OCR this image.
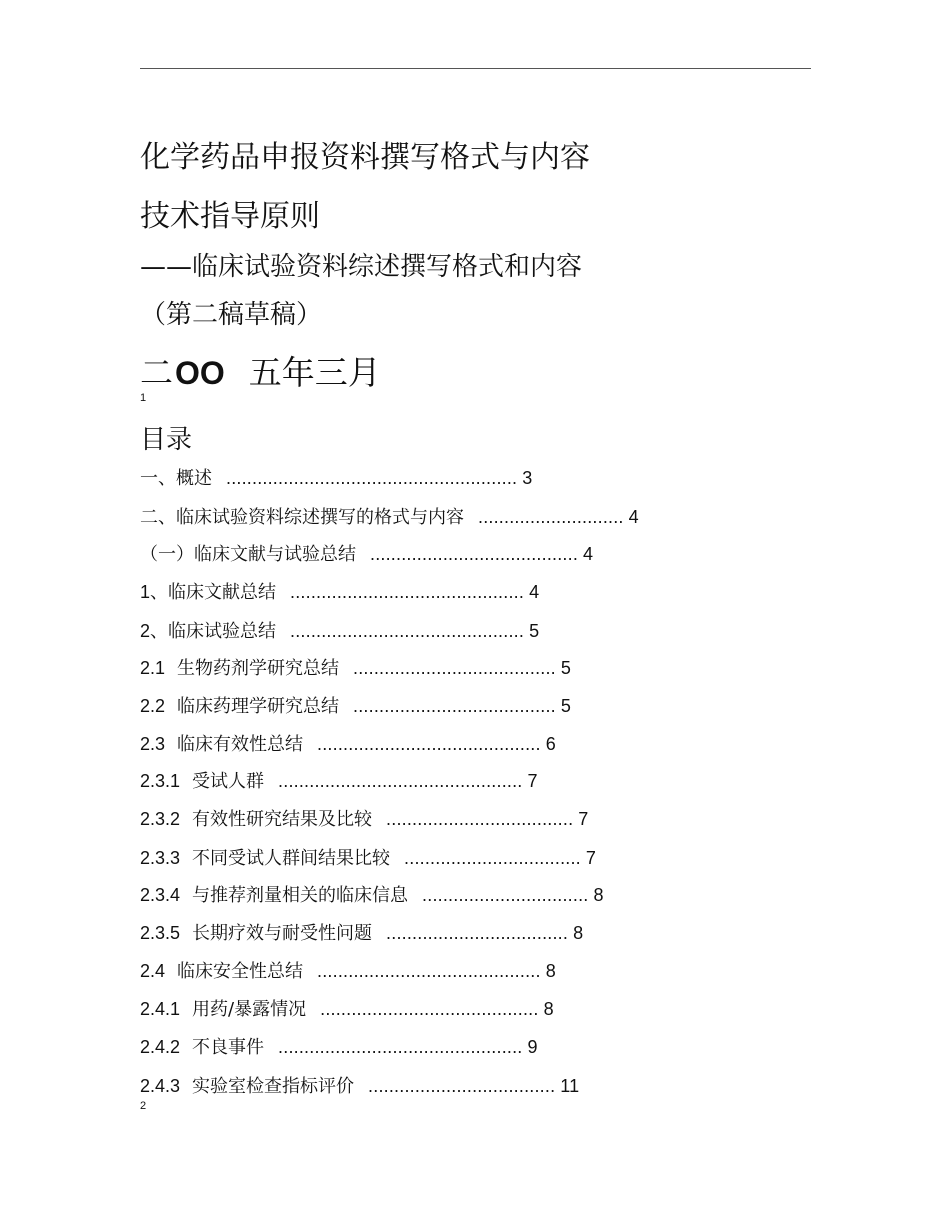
化学药品申报资料撰写格式与内容
技术指导原则
——临床试验资料综述撰写格式和内容
（第二稿草稿）
二OO 五年三月
1
目录
一、概述 ........................................................ 3
二、临床试验资料综述撰写的格式与内容 ............................ 4
（一）临床文献与试验总结 ........................................ 4
1、临床文献总结 ............................................. 4
2、临床试验总结 ............................................. 5
2.1 生物药剂学研究总结 ....................................... 5
2.2 临床药理学研究总结 ....................................... 5
2.3 临床有效性总结 ........................................... 6
2.3.1 受试人群 ............................................... 7
2.3.2 有效性研究结果及比较 .................................... 7
2.3.3 不同受试人群间结果比较 .................................. 7
2.3.4 与推荐剂量相关的临床信息 ................................ 8
2.3.5 长期疗效与耐受性问题 ................................... 8
2.4 临床安全性总结 ........................................... 8
2.4.1 用药/暴露情况 .......................................... 8
2.4.2 不良事件 ............................................... 9
2.4.3 实验室检查指标评价 .................................... 11
2
